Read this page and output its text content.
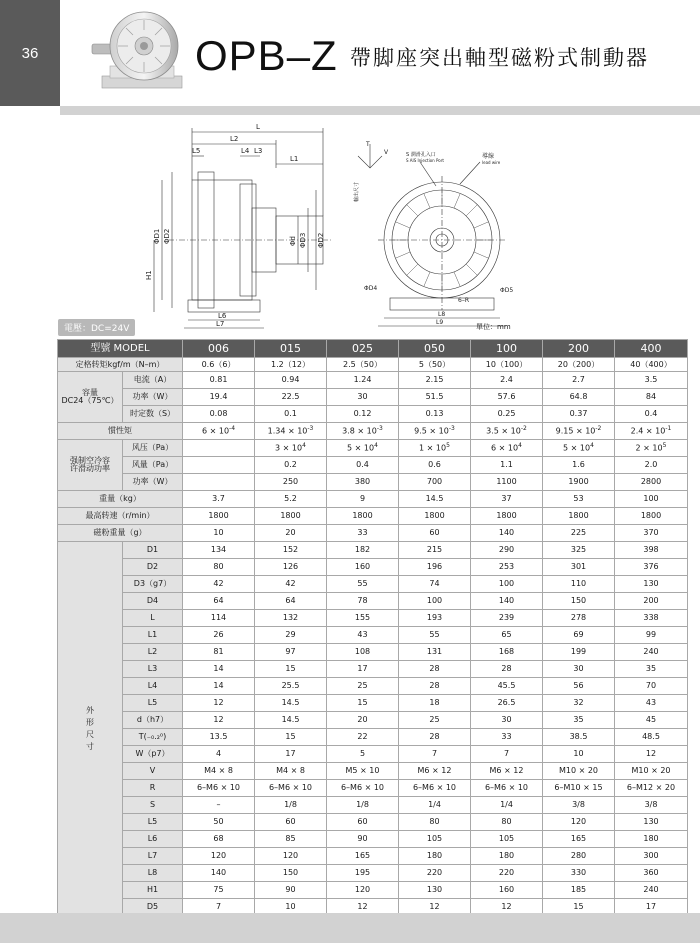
36	OPB–Z 帶脚座突出軸型磁粉式制動器
L
L2
L5	L4 L3
L1
ΦD1 ΦD2
H1
Φd ΦD3 ΦD2
L6
L7
T
V	S 潤滑孔入口
S AIS Injection Port
導線
lead wire
輸出尺寸
ΦD4	ΦD5
6–R
L8
L9
單位：mm
電壓：DC=24V
型號 MODEL		006	015	025	050	100	200	400
定格转矩kgf/m（N–m）		0.6（6）	1.2（12）	2.5（50）	5（50）	10（100）	20（200）	40（400）
容量
DC24（75℃）	电流（A）	0.81	0.94	1.24	2.15	2.4	2.7	3.5
	功率（W）	19.4	22.5	30	51.5	57.6	64.8	84
	时定数（S）	0.08	0.1	0.12	0.13	0.25	0.37	0.4
惯性矩		$6 \times 10^{-4}$	$1.34 \times 10^{-3}$	$3.8 \times 10^{-3}$	$9.5 \times 10^{-3}$	$3.5 \times 10^{-2}$	$9.15 \times 10^{-2}$	$2.4 \times 10^{-1}$
强制空冷容
许滑动功率	风压（Pa）		$3 \times 10^4$	$5 \times 10^4$	$1 \times 10^5$	$6 \times 10^4$	$5 \times 10^4$	$2 \times 10^5$
	风量（Pa）		0.2	0.4	0.6	1.1	1.6	2.0
	功率（W）		250	380	700	1100	1900	2800
重量（kg）		3.7	5.2	9	14.5	37	53	100
最高转速（r/min）		1800	1800	1800	1800	1800	1800	1800
磁粉重量（g）		10	20	33	60	140	225	370
外
形
尺
寸	D1	134	152	182	215	290	325	398
	D2	80	126	160	196	253	301	376
	D3（g7）	42	42	55	74	100	110	130
	D4	64	64	78	100	140	150	200
	L	114	132	155	193	239	278	338
	L1	26	29	43	55	65	69	99
	L2	81	97	108	131	168	199	240
	L3	14	15	17	28	28	30	35
	L4	14	25.5	25	28	45.5	56	70
	L5	12	14.5	15	18	26.5	32	43
	d（h7）	12	14.5	20	25	30	35	45
	T(₋₀.₂⁰)	13.5	15	22	28	33	38.5	48.5
	W（p7）	4	17	5	7	7	10	12
	V	M4 × 8	M4 × 8	M5 × 10	M6 × 12	M6 × 12	M10 × 20	M10 × 20
	R	6–M6 × 10	6–M6 × 10	6–M6 × 10	6–M6 × 10	6–M6 × 10	6–M10 × 15	6–M12 × 20
	S	–	1/8	1/8	1/4	1/4	3/8	3/8
	L5	50	60	60	80	80	120	130
	L6	68	85	90	105	105	165	180
	L7	120	120	165	180	180	280	300
	L8	140	150	195	220	220	330	360
	H1	75	90	120	130	160	185	240
	D5	7	10	12	12	12	15	17
